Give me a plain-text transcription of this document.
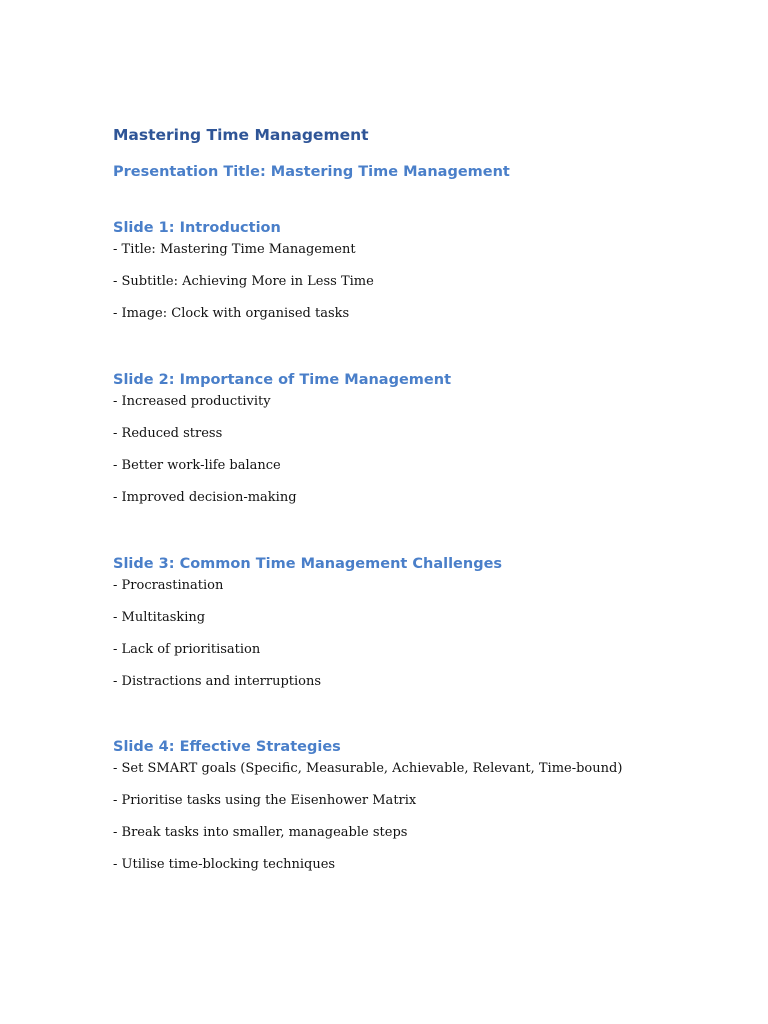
Mastering Time Management
Presentation Title: Mastering Time Management
Slide 1: Introduction
- Title: Mastering Time Management
- Subtitle: Achieving More in Less Time
- Image: Clock with organised tasks
Slide 2: Importance of Time Management
- Increased productivity
- Reduced stress
- Better work-life balance
- Improved decision-making
Slide 3: Common Time Management Challenges
- Procrastination
- Multitasking
- Lack of prioritisation
- Distractions and interruptions
Slide 4: Effective Strategies
- Set SMART goals (Specific, Measurable, Achievable, Relevant, Time-bound)
- Prioritise tasks using the Eisenhower Matrix
- Break tasks into smaller, manageable steps
- Utilise time-blocking techniques
